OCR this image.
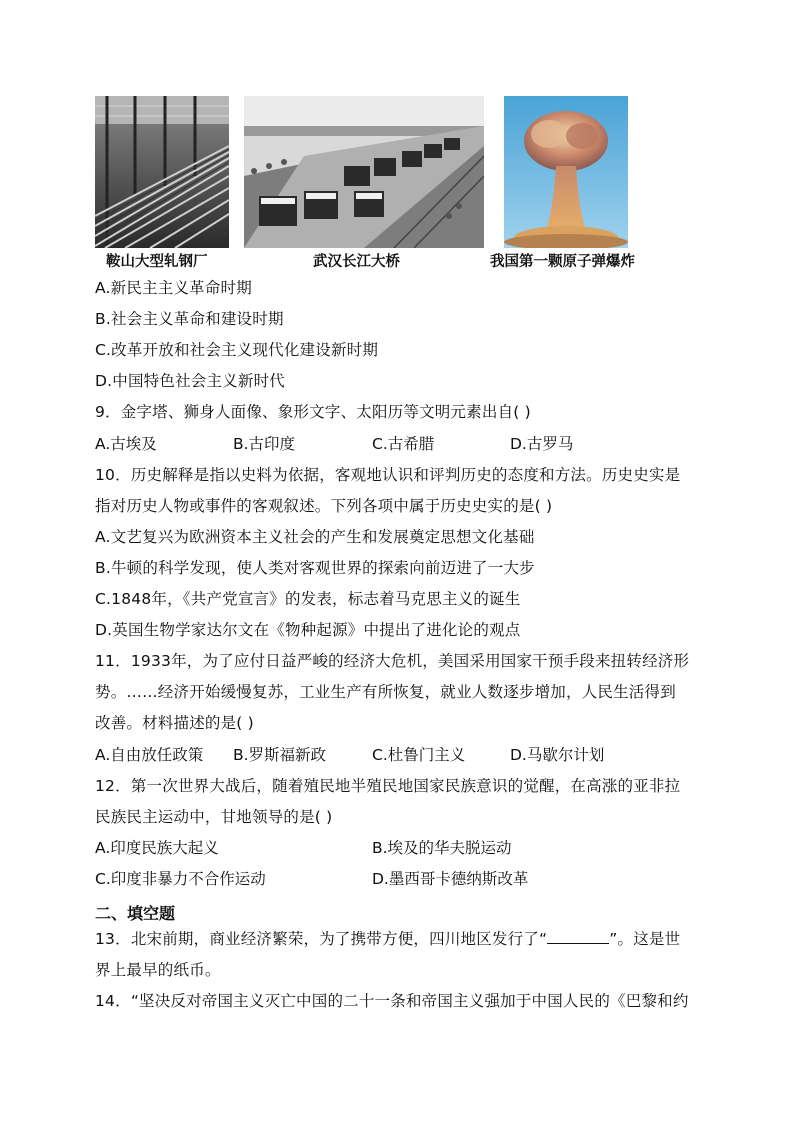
鞍山大型轧钢厂	武汉长江大桥	我国第一颗原子弹爆炸
A.新民主主义革命时期
B.社会主义革命和建设时期
C.改革开放和社会主义现代化建设新时期
D.中国特色社会主义新时代
9．金字塔、狮身人面像、象形文字、太阳历等文明元素出自( )
A.古埃及	B.古印度	C.古希腊	D.古罗马
10．历史解释是指以史料为依据，客观地认识和评判历史的态度和方法。历史史实是
指对历史人物或事件的客观叙述。下列各项中属于历史史实的是( )
A.文艺复兴为欧洲资本主义社会的产生和发展奠定思想文化基础
B.牛顿的科学发现，使人类对客观世界的探索向前迈进了一大步
C.1848年，《共产党宣言》的发表，标志着马克思主义的诞生
D.英国生物学家达尔文在《物种起源》中提出了进化论的观点
11．1933年，为了应付日益严峻的经济大危机，美国采用国家干预手段来扭转经济形
势。……经济开始缓慢复苏，工业生产有所恢复，就业人数逐步增加，人民生活得到
改善。材料描述的是( )
A.自由放任政策 B.罗斯福新政	C.杜鲁门主义	D.马歇尔计划
12．第一次世界大战后，随着殖民地半殖民地国家民族意识的觉醒，在高涨的亚非拉
民族民主运动中，甘地领导的是( )
A.印度民族大起义	B.埃及的华夫脱运动
C.印度非暴力不合作运动	D.墨西哥卡德纳斯改革
二、填空题
13．北宋前期，商业经济繁荣，为了携带方便，四川地区发行了“	”。这是世
界上最早的纸币。
14．“坚决反对帝国主义灭亡中国的二十一条和帝国主义强加于中国人民的《巴黎和约
